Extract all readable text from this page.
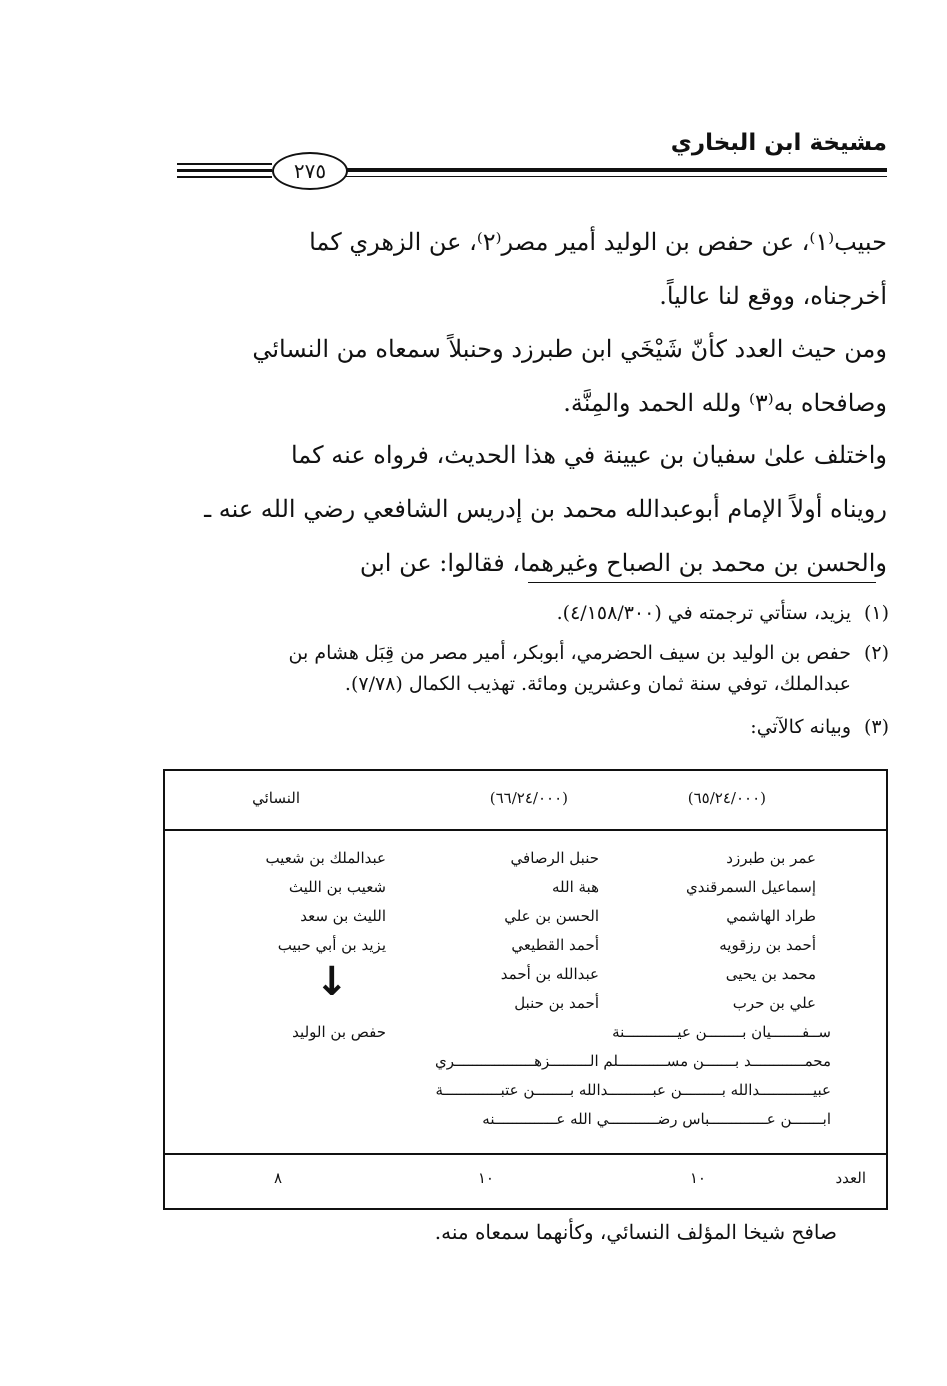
مشيخة ابن البخاري
٢٧٥

حبيب⁽١⁾، عن حفص بن الوليد أمير مصر⁽٢⁾، عن الزهري كما

أخرجناه، ووقع لنا عالياً.

ومن حيث العدد كأنّ شَيْخَي ابن طبرزد وحنبلاً سمعاه من النسائي

وصافحاه به⁽٣⁾ ولله الحمد والمِنَّة.

واختلف علىٰ سفيان بن عيينة في هذا الحديث، فرواه عنه كما

رويناه أولاً الإمام أبوعبدالله محمد بن إدريس الشافعي رضي الله عنه ـ

والحسن بن محمد بن الصباح وغيرهما، فقالوا: عن ابن

(١)يزيد، ستأتي ترجمته في (٤/١٥٨/٣٠٠).
(٢)حفص بن الوليد بن سيف الحضرمي، أبوبكر، أمير مصر من قِبَل هشام بن
عبدالملك، توفي سنة ثمان وعشرين ومائة. تهذيب الكمال (٧/٧٨).
(٣)وبيانه كالآتي:
(٦٥/٢٤/٠٠٠)
(٦٦/٢٤/٠٠٠)
النسائي
عمر بن طبرزد
إسماعيل السمرقندي
طراد الهاشمي
أحمد بن رزقويه
محمد بن يحيى
علي بن حرب
حنبل الرصافي
هبة الله
الحسن بن علي
أحمد القطيعي
عبدالله بن أحمد
أحمد بن حنبل
عبدالملك بن شعيب
شعيب بن الليث
الليث بن سعد
يزيد بن أبي حبيب
↓
حفص بن الوليد	ســفـــــــيان بــــــــن عيــــــــــــنة
محمــــــــــــد بـــــــن مســـــــــــلم الـــــــــزهــــــــــــــــــري
عبيــــــــــــدالله بـــــــــن عبــــــــــدالله بــــــــن عتبـــــــــــــة
ابـــــــن عـــــــــــــباس رضـــــــــــي الله عــــــــــــــنه
العدد
١٠
١٠
٨
صافح شيخا المؤلف النسائي، وكأنهما سمعاه منه.
